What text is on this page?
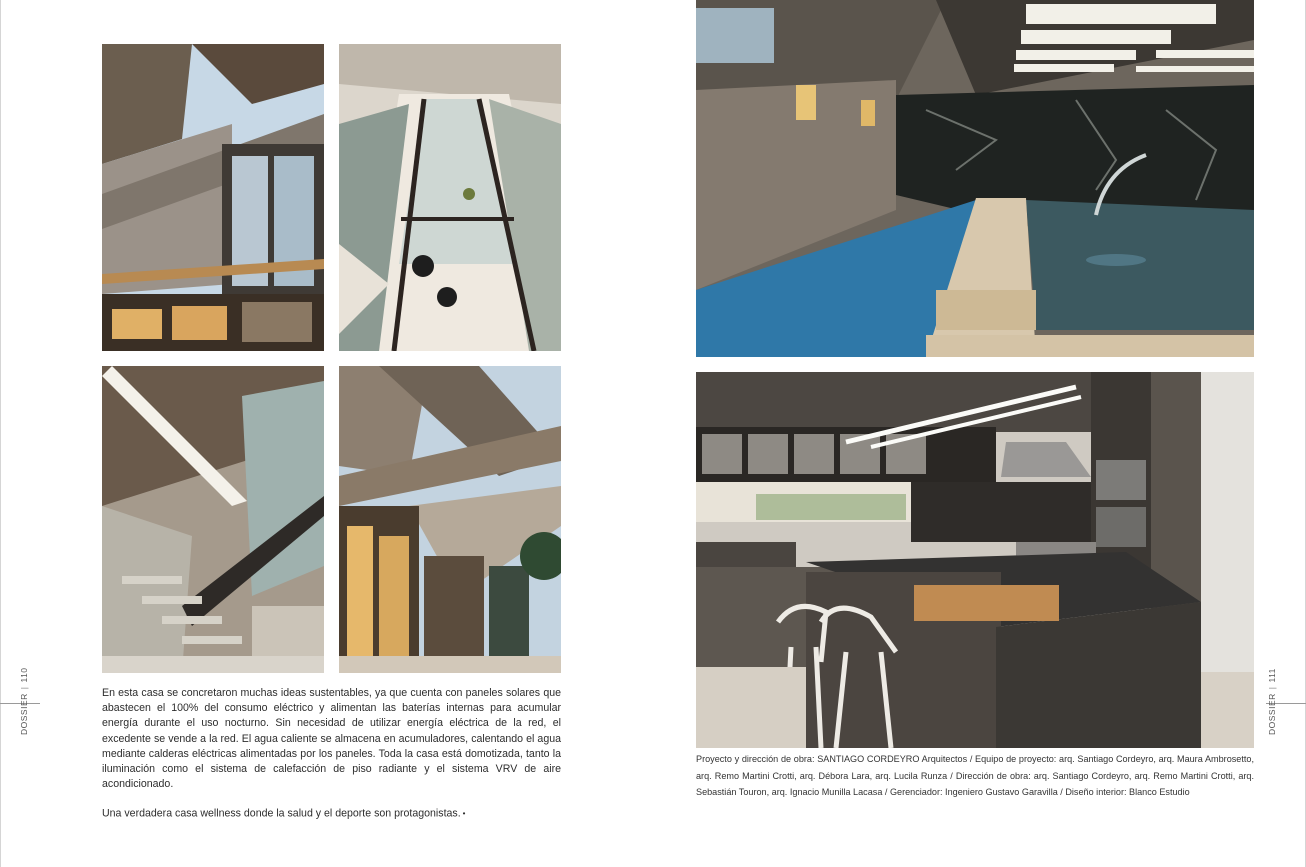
En esta casa se concretaron muchas ideas sustentables, ya que cuenta con paneles solares que abastecen el 100% del consumo eléctrico y alimentan las baterías internas para acumular energía durante el uso nocturno. Sin necesidad de utilizar energía eléctrica de la red, el excedente se vende a la red. El agua caliente se almacena en acumuladores, calentando el agua mediante calderas eléctricas alimentadas por los paneles. Toda la casa está domotizada, tanto la iluminación como el sistema de calefacción de piso radiante y el sistema VRV de aire acondicionado.

Una verdadera casa wellness donde la salud y el deporte son protagonistas. •

DOSSIER|110
Proyecto y dirección de obra: SANTIAGO CORDEYRO Arquitectos / Equipo de proyecto: arq. Santiago Cordeyro, arq. Maura Ambrosetto, arq. Remo Martini Crotti, arq. Débora Lara, arq. Lucila Runza / Dirección de obra: arq. Santiago Cordeyro, arq. Remo Martini Crotti, arq. Sebastián Touron, arq. Ignacio Munilla Lacasa / Gerenciador: Ingeniero Gustavo Garavilla / Diseño interior: Blanco Estudio
DOSSIER|111
